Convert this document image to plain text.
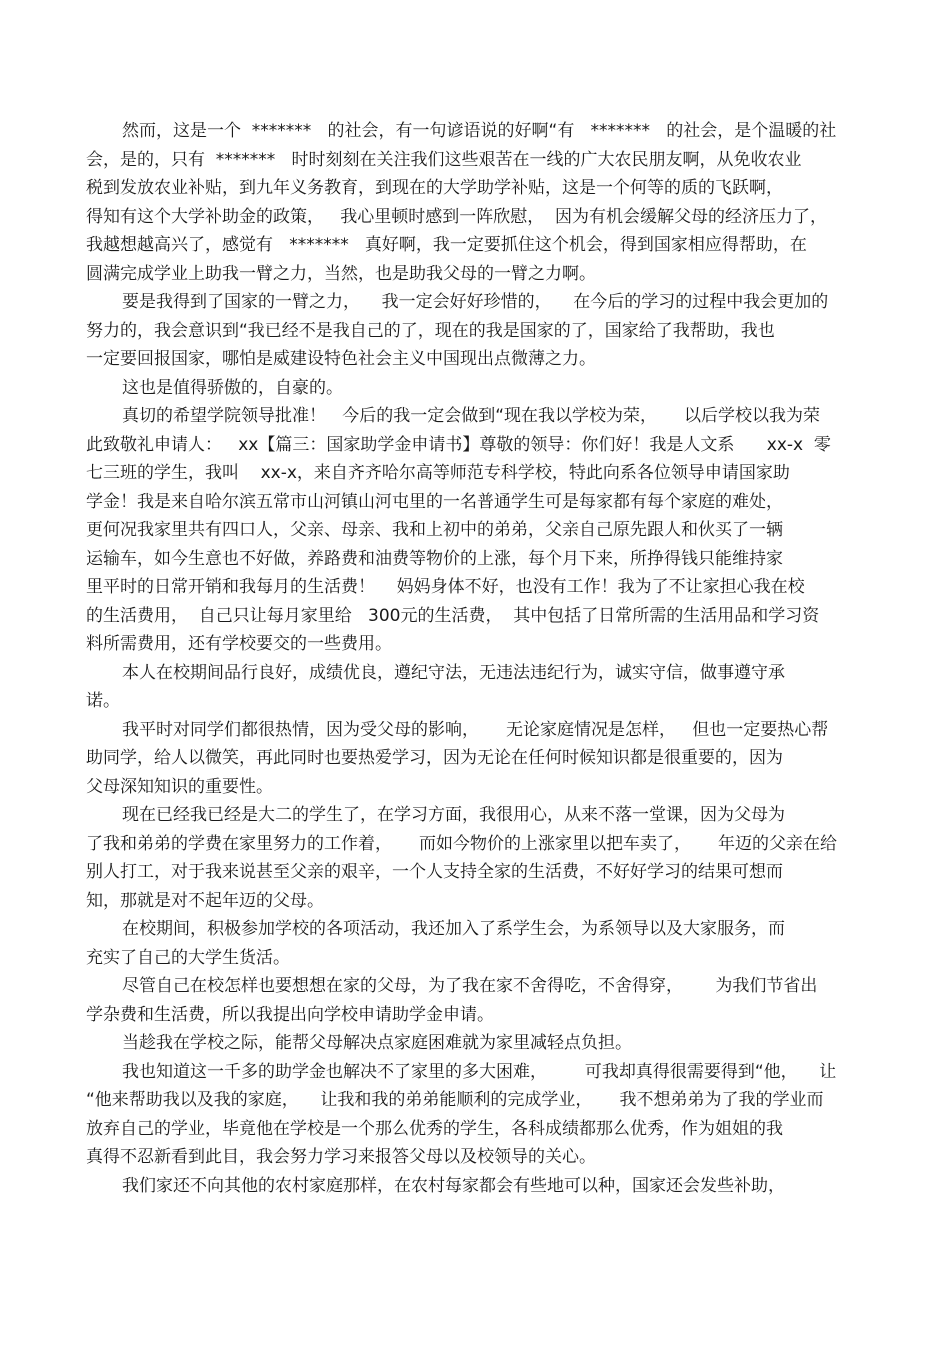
然而，这是一个  *******   的社会，有一句谚语说的好啊“有   *******   的社会，是个温暖的社
会，是的，只有  *******   时时刻刻在关注我们这些艰苦在一线的广大农民朋友啊，从免收农业
税到发放农业补贴，到九年义务教育，到现在的大学助学补贴，这是一个何等的质的飞跃啊，
得知有这个大学补助金的政策，   我心里顿时感到一阵欣慰，  因为有机会缓解父母的经济压力了，
我越想越高兴了，感觉有   *******   真好啊，我一定要抓住这个机会，得到国家相应得帮助，在
圆满完成学业上助我一臂之力，当然，也是助我父母的一臂之力啊。
要是我得到了国家的一臂之力，    我一定会好好珍惜的，    在今后的学习的过程中我会更加的
努力的，我会意识到“我已经不是我自己的了，现在的我是国家的了，国家给了我帮助，我也
一定要回报国家，哪怕是威建设特色社会主义中国现出点微薄之力。
这也是值得骄傲的，自豪的。
真切的希望学院领导批准！   今后的我一定会做到“现在我以学校为荣，     以后学校以我为荣
此致敬礼申请人：   xx【篇三：国家助学金申请书】尊敬的领导：你们好！我是人文系      xx-x  零
七三班的学生，我叫    xx-x，来自齐齐哈尔高等师范专科学校，特此向系各位领导申请国家助
学金！我是来自哈尔滨五常市山河镇山河屯里的一名普通学生可是每家都有每个家庭的难处，
更何况我家里共有四口人，父亲、母亲、我和上初中的弟弟，父亲自己原先跟人和伙买了一辆
运输车，如今生意也不好做，养路费和油费等物价的上涨，每个月下来，所挣得钱只能维持家
里平时的日常开销和我每月的生活费！    妈妈身体不好，也没有工作！我为了不让家担心我在校
的生活费用，  自己只让每月家里给   300元的生活费，  其中包括了日常所需的生活用品和学习资
料所需费用，还有学校要交的一些费用。
本人在校期间品行良好，成绩优良，遵纪守法，无违法违纪行为，诚实守信，做事遵守承
诺。
我平时对同学们都很热情，因为受父母的影响，     无论家庭情况是怎样，   但也一定要热心帮
助同学，给人以微笑，再此同时也要热爱学习，因为无论在任何时候知识都是很重要的，因为
父母深知知识的重要性。
现在已经我已经是大二的学生了，在学习方面，我很用心，从来不落一堂课，因为父母为
了我和弟弟的学费在家里努力的工作着，     而如今物价的上涨家里以把车卖了，     年迈的父亲在给
别人打工，对于我来说甚至父亲的艰辛，一个人支持全家的生活费，不好好学习的结果可想而
知，那就是对不起年迈的父母。
在校期间，积极参加学校的各项活动，我还加入了系学生会，为系领导以及大家服务，而
充实了自己的大学生货活。
尽管自己在校怎样也要想想在家的父母，为了我在家不舍得吃，不舍得穿，      为我们节省出
学杂费和生活费，所以我提出向学校申请助学金申请。
当趁我在学校之际，能帮父母解决点家庭困难就为家里减轻点负担。
我也知道这一千多的助学金也解决不了家里的多大困难，       可我却真得很需要得到“他，    让
“他来帮助我以及我的家庭，    让我和我的弟弟能顺利的完成学业，     我不想弟弟为了我的学业而
放弃自己的学业，毕竟他在学校是一个那么优秀的学生，各科成绩都那么优秀，作为姐姐的我
真得不忍新看到此目，我会努力学习来报答父母以及校领导的关心。
我们家还不向其他的农村家庭那样，在农村每家都会有些地可以种，国家还会发些补助，
